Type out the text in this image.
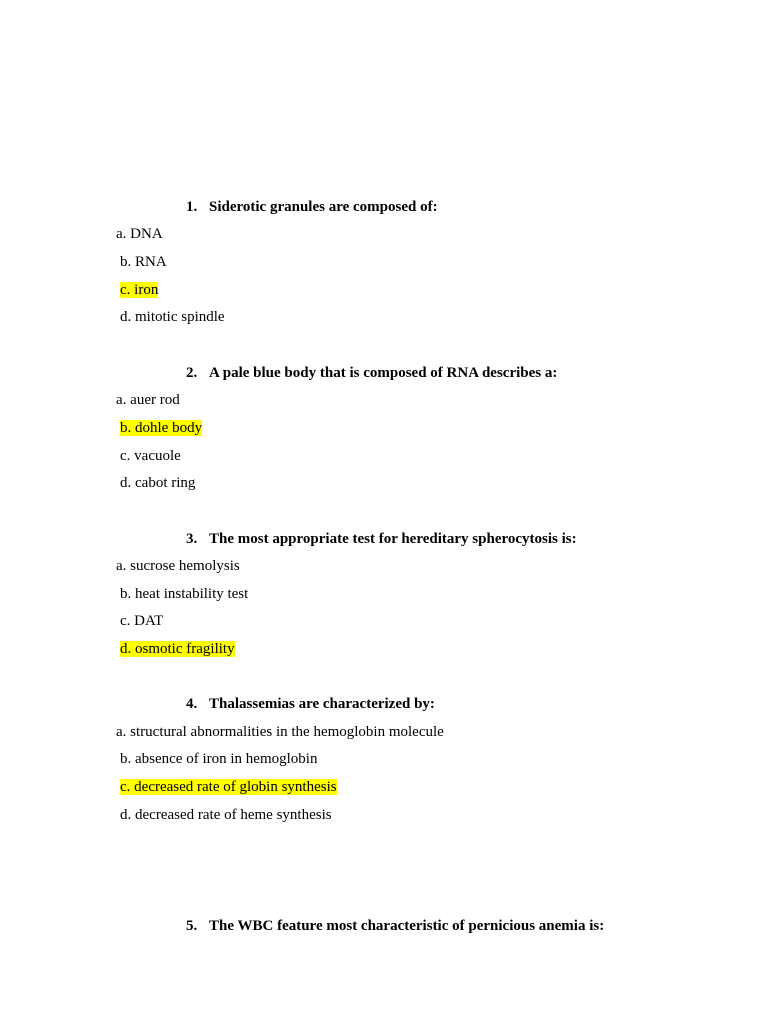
1. Siderotic granules are composed of:
a. DNA
b. RNA
c. iron
d. mitotic spindle
2. A pale blue body that is composed of RNA describes a:
a. auer rod
b. dohle body
c. vacuole
d. cabot ring
3. The most appropriate test for hereditary spherocytosis is:
a. sucrose hemolysis
b. heat instability test
c. DAT
d. osmotic fragility
4. Thalassemias are characterized by:
a. structural abnormalities in the hemoglobin molecule
b. absence of iron in hemoglobin
c. decreased rate of globin synthesis
d. decreased rate of heme synthesis
5. The WBC feature most characteristic of pernicious anemia is:
